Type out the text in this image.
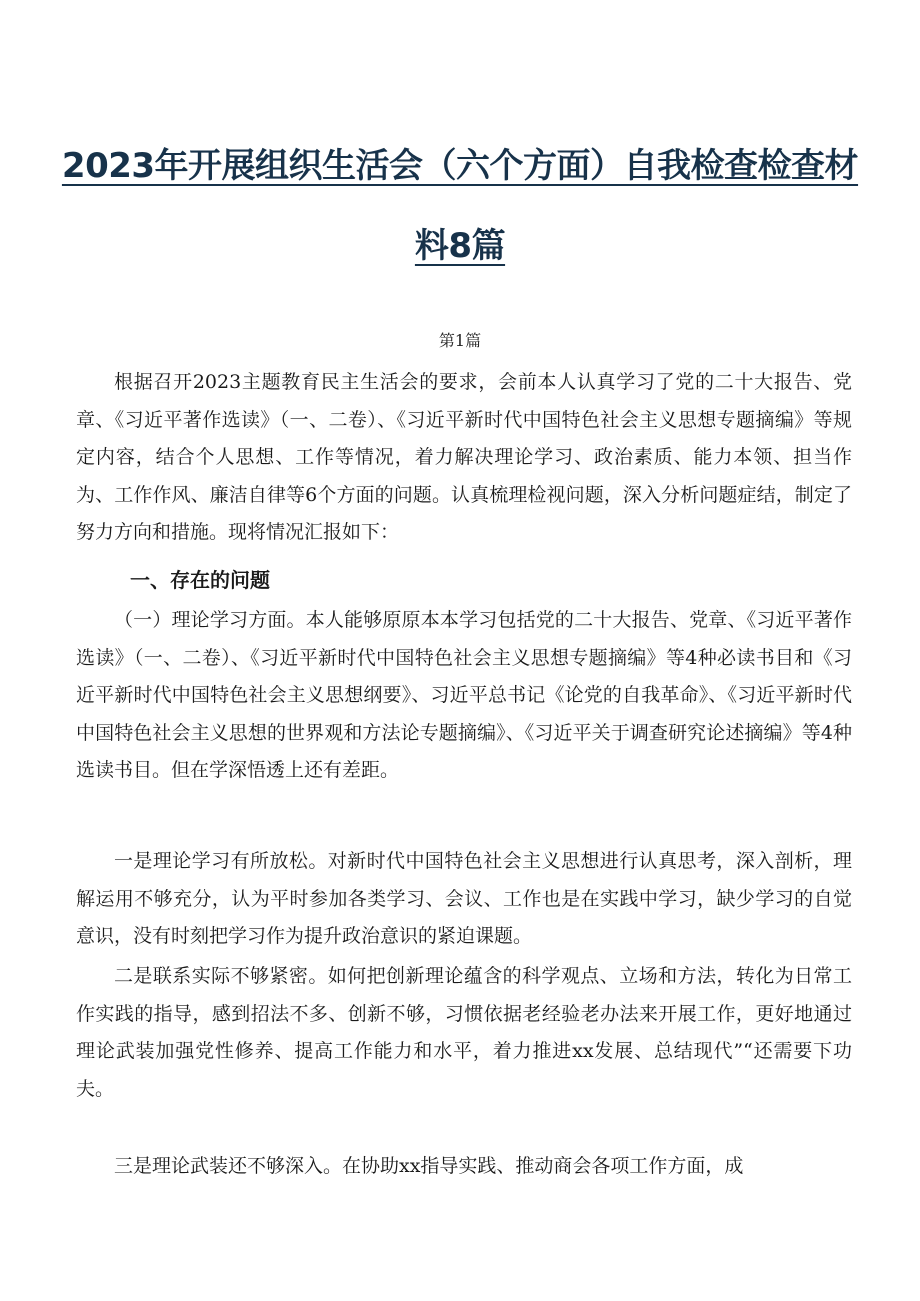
2023年开展组织生活会（六个方面）自我检查检查材
料8篇
第1篇

根据召开2023主题教育民主生活会的要求，会前本人认真学习了党的二十大报告、党章、《习近平著作选读》（一、二卷）、《习近平新时代中国特色社会主义思想专题摘编》等规定内容，结合个人思想、工作等情况，着力解决理论学习、政治素质、能力本领、担当作为、工作作风、廉洁自律等6个方面的问题。认真梳理检视问题，深入分析问题症结，制定了努力方向和措施。现将情况汇报如下：

一、存在的问题

（一）理论学习方面。本人能够原原本本学习包括党的二十大报告、党章、《习近平著作选读》（一、二卷）、《习近平新时代中国特色社会主义思想专题摘编》等4种必读书目和《习近平新时代中国特色社会主义思想纲要》、习近平总书记《论党的自我革命》、《习近平新时代中国特色社会主义思想的世界观和方法论专题摘编》、《习近平关于调查研究论述摘编》等4种选读书目。但在学深悟透上还有差距。

一是理论学习有所放松。对新时代中国特色社会主义思想进行认真思考，深入剖析，理解运用不够充分，认为平时参加各类学习、会议、工作也是在实践中学习，缺少学习的自觉意识，没有时刻把学习作为提升政治意识的紧迫课题。

二是联系实际不够紧密。如何把创新理论蕴含的科学观点、立场和方法，转化为日常工作实践的指导，感到招法不多、创新不够，习惯依据老经验老办法来开展工作，更好地通过理论武装加强党性修养、提高工作能力和水平，着力推进xx发展、总结现代”“还需要下功夫。

三是理论武装还不够深入。在协助xx指导实践、推动商会各项工作方面，成
